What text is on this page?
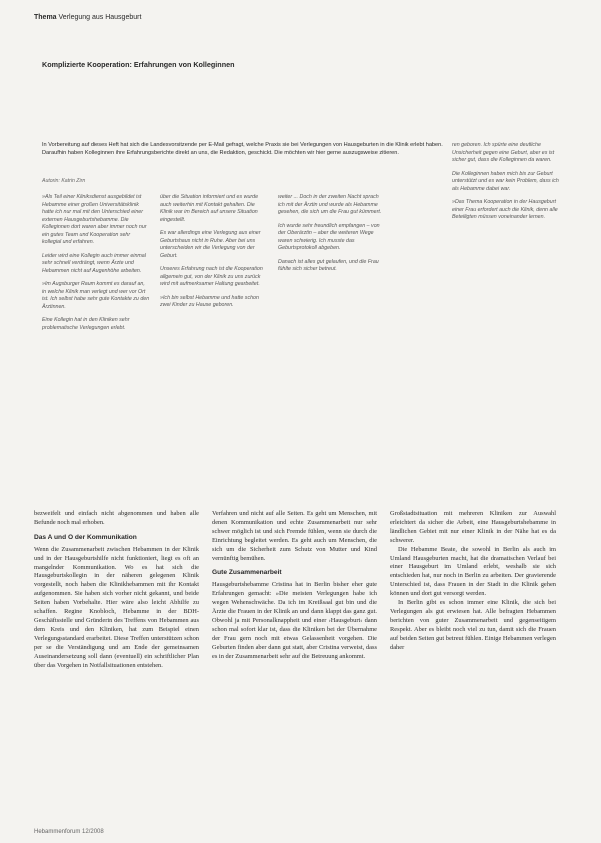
Thema Verlegung aus Hausgeburt

Komplizierte Kooperation: Erfahrungen von Kolleginnen
In Vorbereitung auf dieses Heft hat sich die Landesvorsitzende per E-Mail gefragt, welche Praxis sie bei Verlegungen von Hausgeburten in die Klinik erlebt haben. Daraufhin haben Kolleginnen ihre Erfahrungsberichte direkt an uns, die Redaktion, geschickt. Die möchten wir hier gerne auszugsweise zitieren.
Autorin: Katrin Zirn

»Als Teil einer Kliniksdienst ausgebildet ist Hebamme einer großen Universitätsklinik hatte ich nur mal mit den Unterschied einer externen Hausgeburtshebamme. Die Kolleginnen dort waren aber immer noch nur ein gutes Team und Kooperation sehr kollegial und erfahren.

Leider wird eine Kollegin auch immer einmal sehr schnell verdrängt, wenn Ärzte und Hebammen nicht auf Augenhöhe arbeiten.

»Im Augsburger Raum kommt es darauf an, in welche Klinik man verlegt und wer vor Ort ist. Ich selbst habe sehr gute Kontakte zu den Ärztinnen.

Eine Kollegin hat in den Kliniken sehr problematische Verlegungen erlebt.

über die Situation informiert und es wurde auch weiterhin mit Kontakt gehalten. Die Klinik war im Bereich auf unsere Situation eingestellt.

Es war allerdings eine Verlegung aus einer Geburtshaus nicht in Ruhe. Aber bei uns unterscheiden wir die Verlegung von der Geburt.

Unseres Erfahrung nach ist die Kooperation allgemein gut, von der Klinik zu uns zurück wird mit aufmerksamer Haltung gearbeitet.

»Ich bin selbst Hebamme und hatte schon zwei Kinder zu Hause geboren.

weiter ... Doch in der zweiten Nacht sprach ich mit der Ärztin und wurde als Hebamme gesehen, die sich um die Frau gut kümmert.

Ich wurde sehr freundlich empfangen – von der Oberärztin – aber die weiteren Wege waren schwierig. Ich musste das Geburtsprotokoll abgeben.

Danach ist alles gut gelaufen, und die Frau fühlte sich sicher betreut.

ren geboren. Ich spürte eine deutliche Unsicherheit gegen eine Geburt, aber es ist sicher gut, dass die Kolleginnen da waren.

Die Kolleginnen haben mich bis zur Geburt unterstützt und es war kein Problem, dass ich als Hebamme dabei war.

»Das Thema Kooperation in der Hausgeburt einer Frau erfordert auch die Klinik, denn alle Beteiligten müssen voneinander lernen.

bezweifelt und einfach nicht abgenommen und haben alle Befunde noch mal erhoben.

Das A und O der Kommunikation

Wenn die Zusammenarbeit zwischen Hebammen in der Klinik und in der Hausgeburtshilfe nicht funktioniert, liegt es oft an mangelnder Kommunikation. Wo es hat sich die Hausgeburtskollegin in der näheren gelegenen Klinik vorgestellt, noch haben die Klinikhebammen mit ihr Kontakt aufgenommen. Sie haben sich vorher nicht gekannt, und beide Seiten haben Vorbehalte. Hier wäre also leicht Abhilfe zu schaffen. Regine Knobloch, Hebamme in der BDH-Geschäftsstelle und Gründerin des Treffens von Hebammen aus dem Kreis und den Kliniken, hat zum Beispiel einen Verlegungsstandard erarbeitet. Diese Treffen unterstützen schon per se die Verständigung und am Ende der gemeinsamen Auseinandersetzung soll dann (eventuell) ein schriftlicher Plan über das Vorgehen in Notfallsituationen entstehen.

Verfahren und nicht auf alle Seiten. Es geht um Menschen, mit denen Kommunikation und echte Zusammenarbeit nur sehr schwer möglich ist und sich Fremde fühlen, wenn sie durch die Einrichtung begleitet werden. Es geht auch um Menschen, die sich um die Sicherheit zum Schutz von Mutter und Kind vernünftig bemühen.

Gute Zusammenarbeit

Hausgeburtshebamme Cristina hat in Berlin bisher eher gute Erfahrungen gemacht: »Die meisten Verlegungen habe ich wegen Wehenschwäche. Da ich im Kreißsaal gut bin und die Ärzte die Frauen in der Klinik an und dann klappt das ganz gut. Obwohl ja mit Personalknappheit und einer ›Hausgeburt‹ dann schon mal sofort klar ist, dass die Kliniken bei der Übernahme der Frau gern noch mit etwas Gelassenheit vorgehen. Die Geburten finden aber dann gut statt, aber Cristina verweist, dass es in der Zusammenarbeit sehr auf die Betreuung ankommt.

Großstadtsituation mit mehreren Kliniken zur Auswahl erleichtert da sicher die Arbeit, eine Hausgeburtshebamme in ländlichen Gebiet mit nur einer Klinik in der Nähe hat es da schwerer.

Die Hebamme Beate, die sowohl in Berlin als auch im Umland Hausgeburten macht, hat die dramatischen Verlauf bei einer Hausgeburt im Umland erlebt, weshalb sie sich entschieden hat, nur noch in Berlin zu arbeiten. Der gravierende Unterschied ist, dass Frauen in der Stadt in die Klinik gehen können und dort gut versorgt werden.

In Berlin gibt es schon immer eine Klinik, die sich bei Verlegungen als gut erwiesen hat. Alle befragten Hebammen berichten von guter Zusammenarbeit und gegenseitigem Respekt. Aber es bleibt noch viel zu tun, damit sich die Frauen auf beiden Seiten gut betreut fühlen. Einige Hebammen verlegen daher

Hebammenforum 12/2008
